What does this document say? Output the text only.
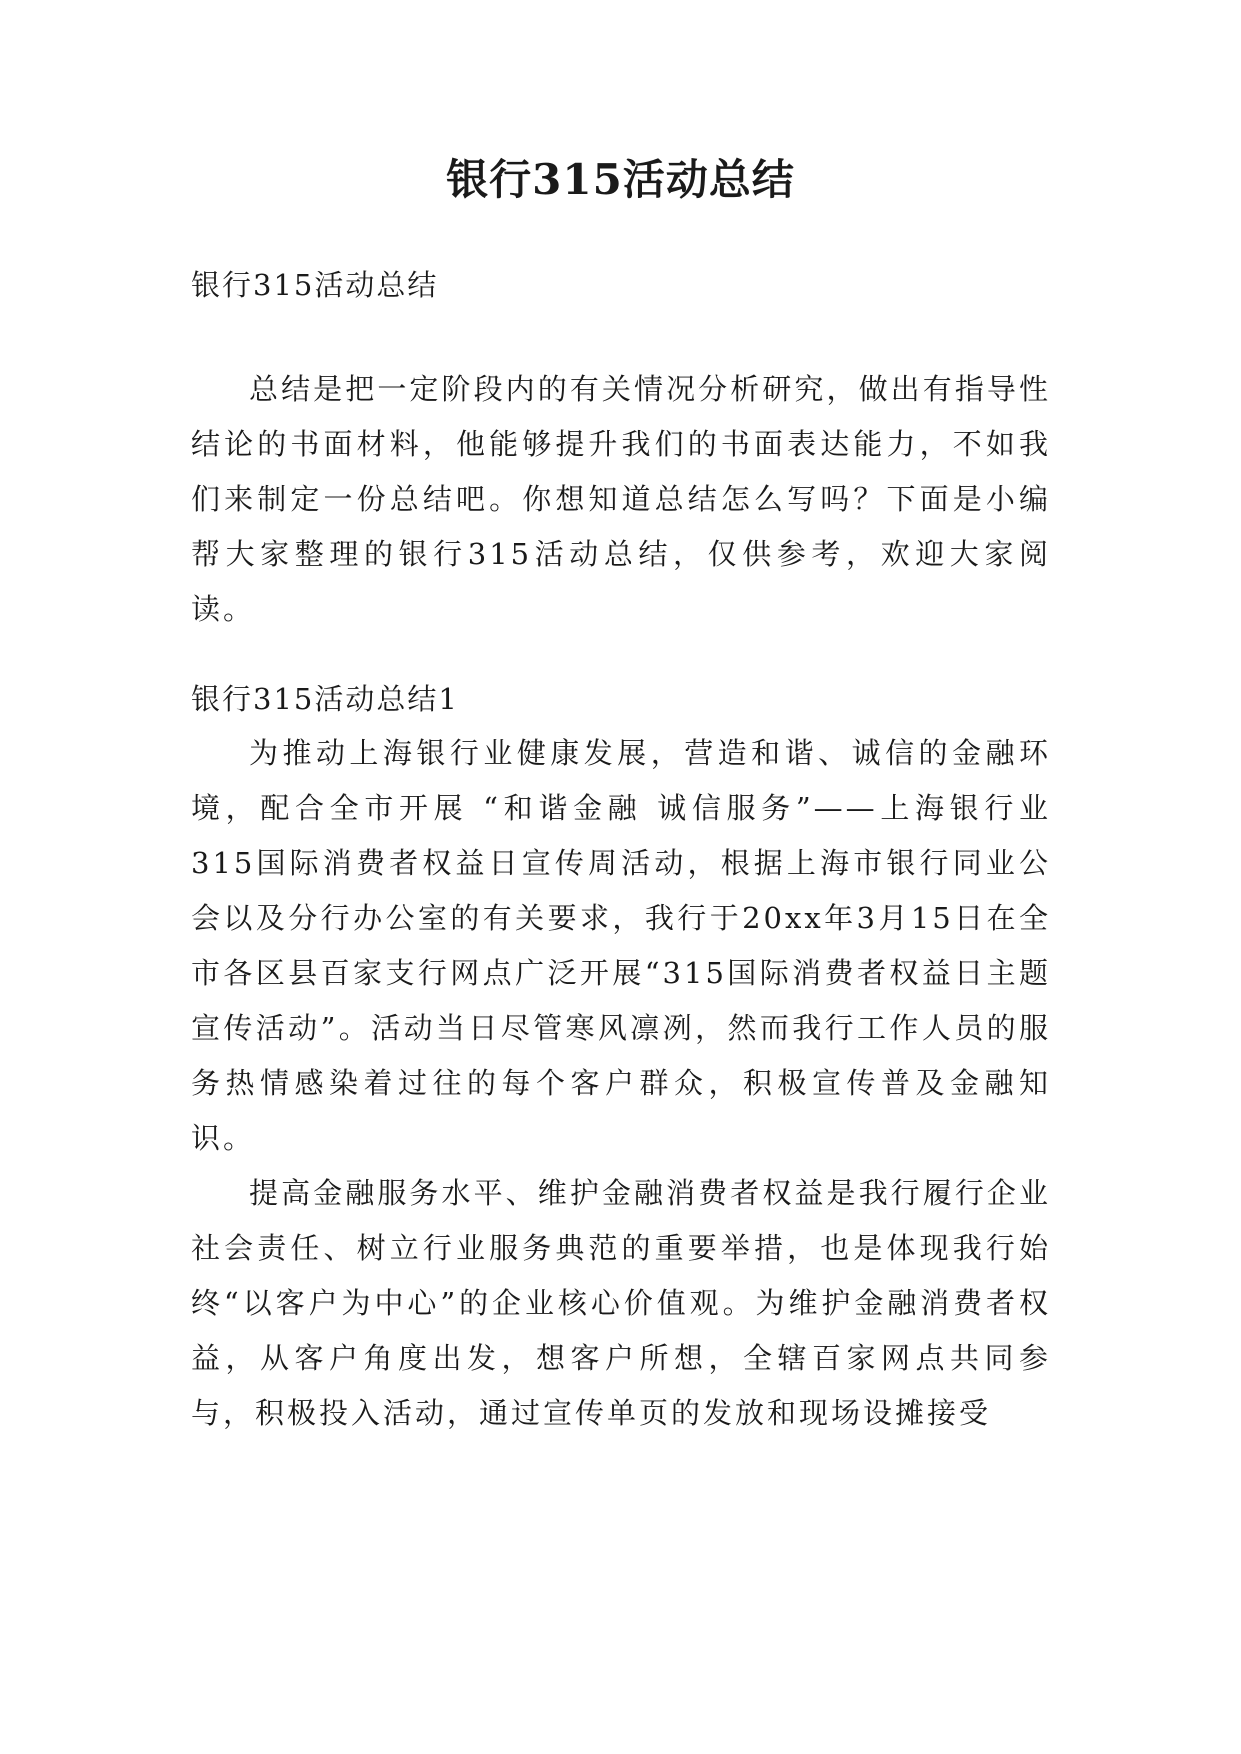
银行315活动总结
银行315活动总结

总结是把一定阶段内的有关情况分析研究，做出有指导性结论的书面材料，他能够提升我们的书面表达能力，不如我们来制定一份总结吧。你想知道总结怎么写吗？下面是小编帮大家整理的银行315活动总结，仅供参考，欢迎大家阅读。

银行315活动总结1

为推动上海银行业健康发展，营造和谐、诚信的金融环境，配合全市开展 “和谐金融 诚信服务”——上海银行业315国际消费者权益日宣传周活动，根据上海市银行同业公会以及分行办公室的有关要求，我行于20xx年3月15日在全市各区县百家支行网点广泛开展“315国际消费者权益日主题宣传活动”。活动当日尽管寒风凛冽，然而我行工作人员的服务热情感染着过往的每个客户群众，积极宣传普及金融知识。

提高金融服务水平、维护金融消费者权益是我行履行企业社会责任、树立行业服务典范的重要举措，也是体现我行始终“以客户为中心”的企业核心价值观。为维护金融消费者权益，从客户角度出发，想客户所想，全辖百家网点共同参与，积极投入活动，通过宣传单页的发放和现场设摊接受
